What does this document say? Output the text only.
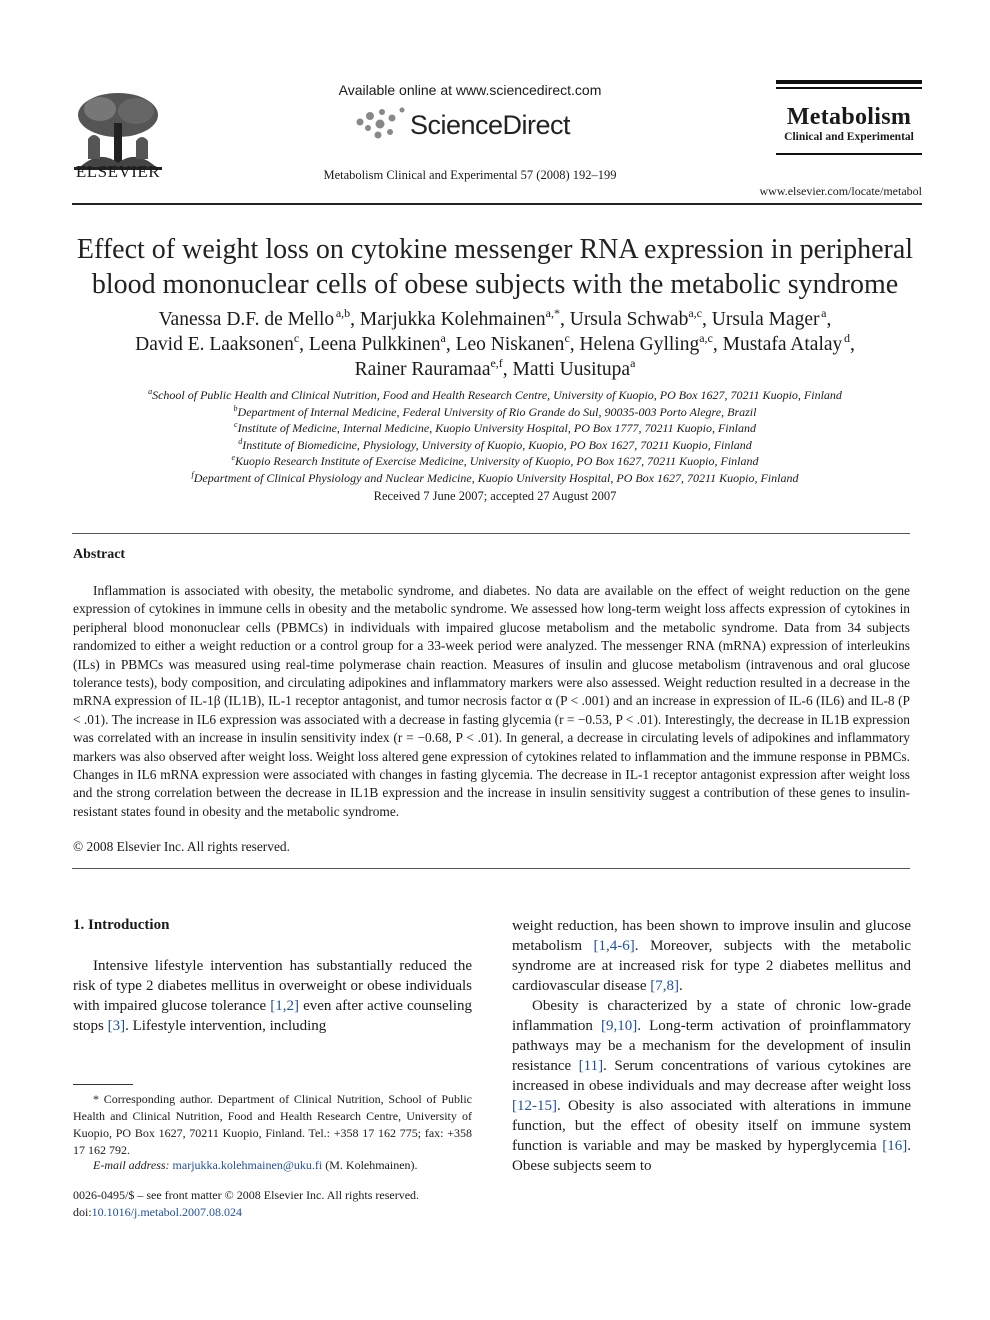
ELSEVIER
Available online at www.sciencedirect.com
ScienceDirect
Metabolism Clinical and Experimental 57 (2008) 192–199
Metabolism
Clinical and Experimental
www.elsevier.com/locate/metabol
Effect of weight loss on cytokine messenger RNA expression in peripheral
blood mononuclear cells of obese subjects with the metabolic syndrome
Vanessa D.F. de Mello  $^{a,b}$, Marjukka Kolehmainen$^{a,*}$, Ursula Schwab$^{a,c}$, Ursula Mager  $^a$,
David E. Laaksonen$^c$, Leena Pulkkinen$^a$, Leo Niskanen$^c$, Helena Gylling$^{a,c}$, Mustafa Atalay  $^d$,
Rainer Rauramaa$^{e,f}$, Matti Uusitupa$^a$
$^a$School of Public Health and Clinical Nutrition, Food and Health Research Centre, University of Kuopio, PO Box 1627, 70211 Kuopio, Finland
$^b$Department of Internal Medicine, Federal University of Rio Grande do Sul, 90035-003 Porto Alegre, Brazil
$^c$Institute of Medicine, Internal Medicine, Kuopio University Hospital, PO Box 1777, 70211 Kuopio, Finland
$^d$Institute of Biomedicine, Physiology, University of Kuopio, Kuopio, PO Box 1627, 70211 Kuopio, Finland
$^e$Kuopio Research Institute of Exercise Medicine, University of Kuopio, PO Box 1627, 70211 Kuopio, Finland
$^f$Department of Clinical Physiology and Nuclear Medicine, Kuopio University Hospital, PO Box 1627, 70211 Kuopio, Finland
Received 7 June 2007; accepted 27 August 2007
Abstract
Inflammation is associated with obesity, the metabolic syndrome, and diabetes. No data are available on the effect of weight reduction on the gene expression of cytokines in immune cells in obesity and the metabolic syndrome. We assessed how long-term weight loss affects expression of cytokines in peripheral blood mononuclear cells (PBMCs) in individuals with impaired glucose metabolism and the metabolic syndrome. Data from 34 subjects randomized to either a weight reduction or a control group for a 33-week period were analyzed. The messenger RNA (mRNA) expression of interleukins (ILs) in PBMCs was measured using real-time polymerase chain reaction. Measures of insulin and glucose metabolism (intravenous and oral glucose tolerance tests), body composition, and circulating adipokines and inflammatory markers were also assessed. Weight reduction resulted in a decrease in the mRNA expression of IL-1β (IL1B), IL-1 receptor antagonist, and tumor necrosis factor α (P < .001) and an increase in expression of IL-6 (IL6) and IL-8 (P < .01). The increase in IL6 expression was associated with a decrease in fasting glycemia (r = −0.53, P < .01). Interestingly, the decrease in IL1B expression was correlated with an increase in insulin sensitivity index (r = −0.68, P < .01). In general, a decrease in circulating levels of adipokines and inflammatory markers was also observed after weight loss. Weight loss altered gene expression of cytokines related to inflammation and the immune response in PBMCs. Changes in IL6 mRNA expression were associated with changes in fasting glycemia. The decrease in IL-1 receptor antagonist expression after weight loss and the strong correlation between the decrease in IL1B expression and the increase in insulin sensitivity suggest a contribution of these genes to insulin-resistant states found in obesity and the metabolic syndrome.
© 2008 Elsevier Inc. All rights reserved.
1. Introduction
Intensive lifestyle intervention has substantially reduced the risk of type 2 diabetes mellitus in overweight or obese individuals with impaired glucose tolerance [1,2] even after active counseling stops [3]. Lifestyle intervention, including

weight reduction, has been shown to improve insulin and glucose metabolism [1,4-6]. Moreover, subjects with the metabolic syndrome are at increased risk for type 2 diabetes mellitus and cardiovascular disease [7,8].

Obesity is characterized by a state of chronic low-grade inflammation [9,10]. Long-term activation of proinflammatory pathways may be a mechanism for the development of insulin resistance [11]. Serum concentrations of various cytokines are increased in obese individuals and may decrease after weight loss [12-15]. Obesity is also associated with alterations in immune function, but the effect of obesity itself on immune system function is variable and may be masked by hyperglycemia [16]. Obese subjects seem to

* Corresponding author. Department of Clinical Nutrition, School of Public Health and Clinical Nutrition, Food and Health Research Centre, University of Kuopio, PO Box 1627, 70211 Kuopio, Finland. Tel.: +358 17 162 775; fax: +358 17 162 792.
E-mail address: marjukka.kolehmainen@uku.fi (M. Kolehmainen).
0026-0495/$ – see front matter © 2008 Elsevier Inc. All rights reserved.
doi:10.1016/j.metabol.2007.08.024
